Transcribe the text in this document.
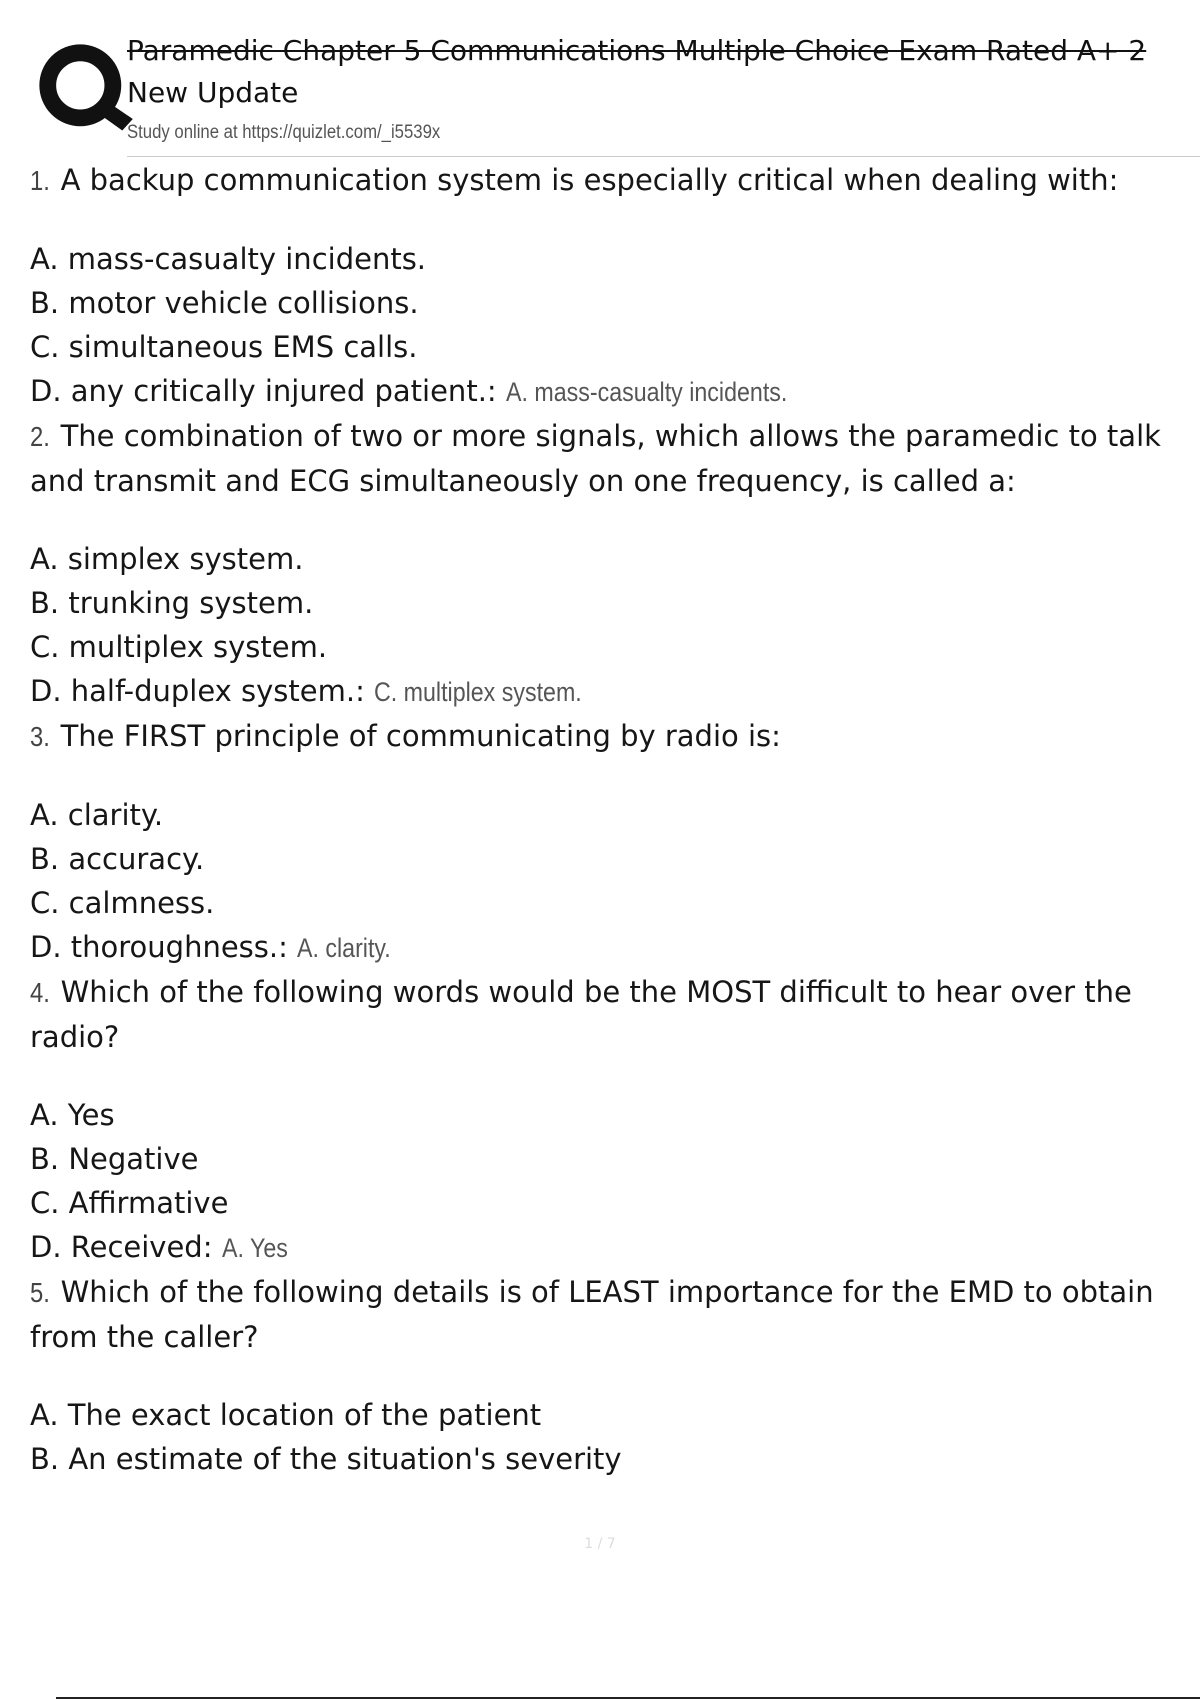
Paramedic Chapter 5 Communications Multiple Choice Exam Rated A+ 2
New Update
Study online at https://quizlet.com/_i5539x

1. A backup communication system is especially critical when dealing with:

A. mass-casualty incidents.

B. motor vehicle collisions.

C. simultaneous EMS calls.

D. any critically injured patient.: A. mass-casualty incidents.

2. The combination of two or more signals, which allows the paramedic to talk and transmit and ECG simultaneously on one frequency, is called a:

A. simplex system.

B. trunking system.

C. multiplex system.

D. half-duplex system.: C. multiplex system.

3. The FIRST principle of communicating by radio is:

A. clarity.

B. accuracy.

C. calmness.

D. thoroughness.: A. clarity.

4. Which of the following words would be the MOST difficult to hear over the radio?

A. Yes

B. Negative

C. Affirmative

D. Received: A. Yes

5. Which of the following details is of LEAST importance for the EMD to obtain from the caller?

A. The exact location of the patient

B. An estimate of the situation's severity

1 / 7
